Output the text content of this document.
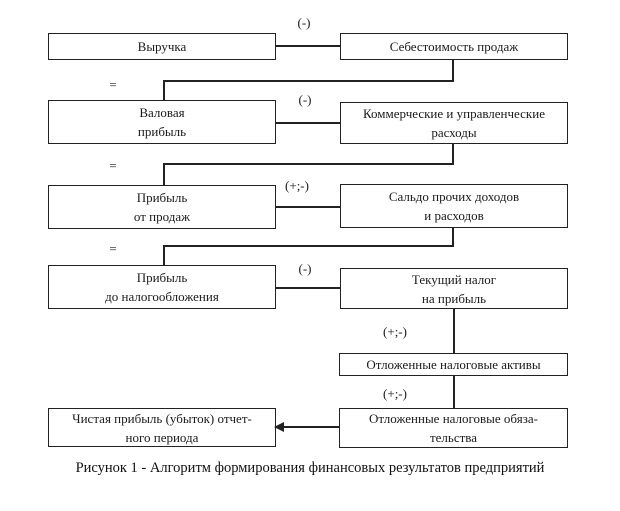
Выручка	Себестоимость продаж
Валовая
прибыль
Коммерческие и управленческие
расходы
Прибыль
от продаж
Сальдо прочих доходов
и расходов
Прибыль
до налогообложения
Текущий налог
на прибыль
Отложенные налоговые активы
Чистая прибыль (убыток) отчет-
ного периода
Отложенные налоговые обяза-
тельства
(-)
=
(-)
=
(+;-)
=
(-)
(+;-)
(+;-)
Рисунок 1 - Алгоритм формирования финансовых результатов предприятий
